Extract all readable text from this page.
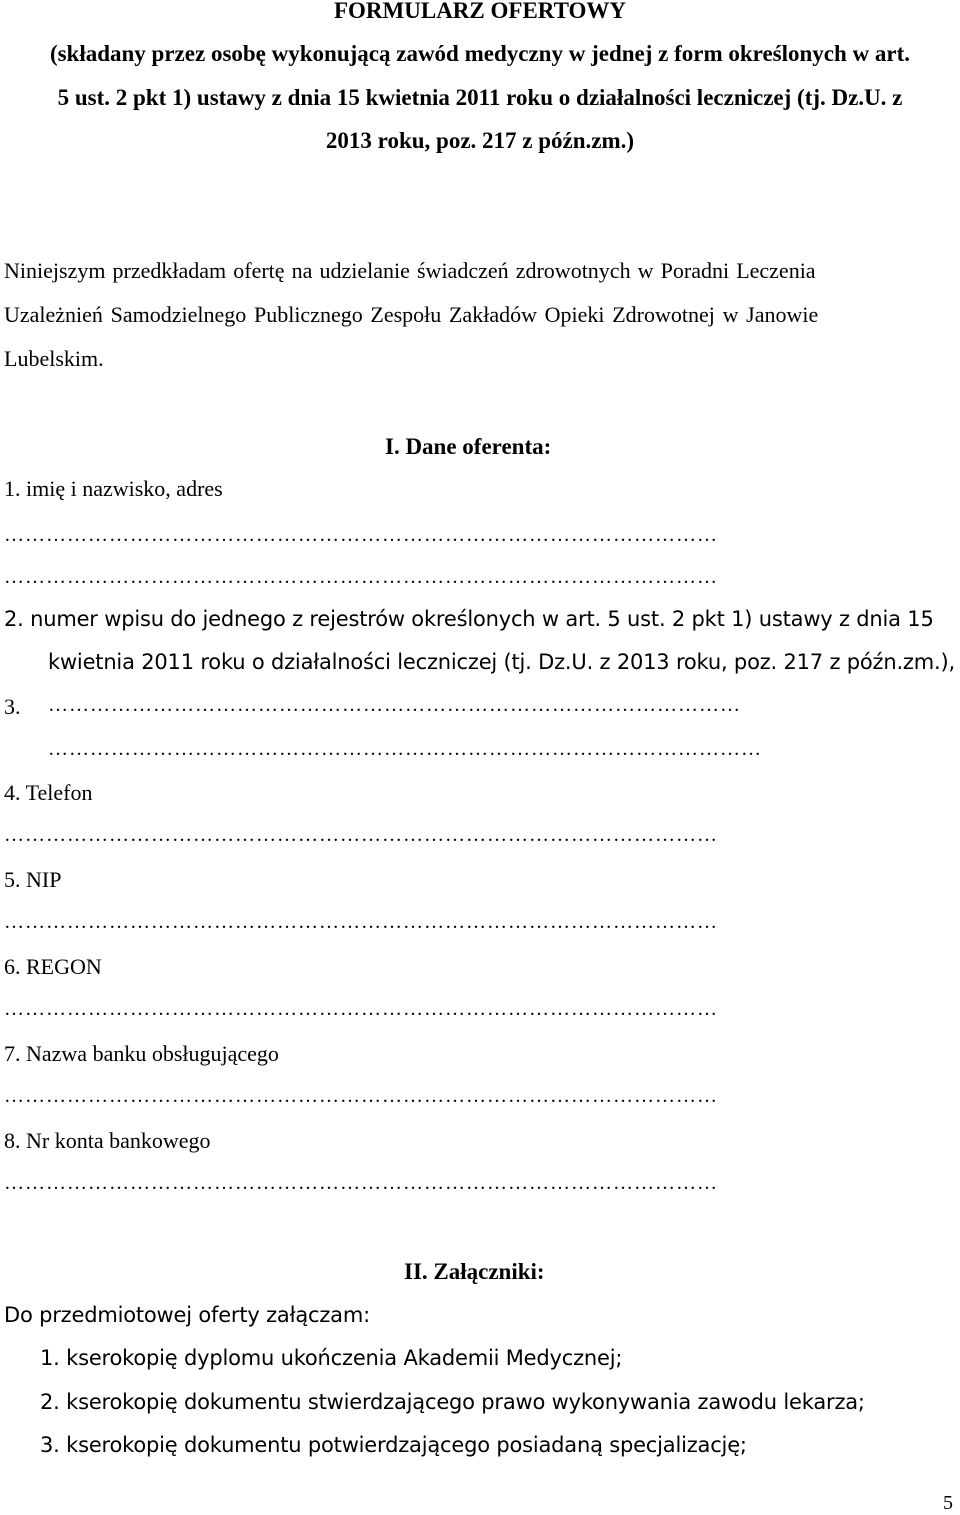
FORMULARZ OFERTOWY
(składany przez osobę wykonującą zawód medyczny w jednej z form określonych w art.
5 ust. 2 pkt 1) ustawy z dnia 15 kwietnia 2011 roku o działalności leczniczej (tj. Dz.U. z
2013 roku, poz. 217 z późn.zm.)
Niniejszym przedkładam ofertę na udzielanie świadczeń zdrowotnych w Poradni Leczenia
Uzależnień Samodzielnego Publicznego Zespołu Zakładów Opieki Zdrowotnej w Janowie
Lubelskim.
I. Dane oferenta:
1. imię i nazwisko, adres
…………………………………………………………………………………………
…………………………………………………………………………………………
2. numer wpisu do jednego z rejestrów określonych w art. 5 ust. 2 pkt 1) ustawy z dnia 15
kwietnia 2011 roku o działalności leczniczej (tj. Dz.U. z 2013 roku, poz. 217 z późn.zm.),
3. ………………………………………………………………………………………
…………………………………………………………………………………………
4. Telefon
…………………………………………………………………………………………
5. NIP
…………………………………………………………………………………………
6. REGON
…………………………………………………………………………………………
7. Nazwa banku obsługującego
…………………………………………………………………………………………
8. Nr konta bankowego
…………………………………………………………………………………………
II. Załączniki:
Do przedmiotowej oferty załączam:
1. kserokopię dyplomu ukończenia Akademii Medycznej;
2. kserokopię dokumentu stwierdzającego prawo wykonywania zawodu lekarza;
3. kserokopię dokumentu potwierdzającego posiadaną specjalizację;
5
